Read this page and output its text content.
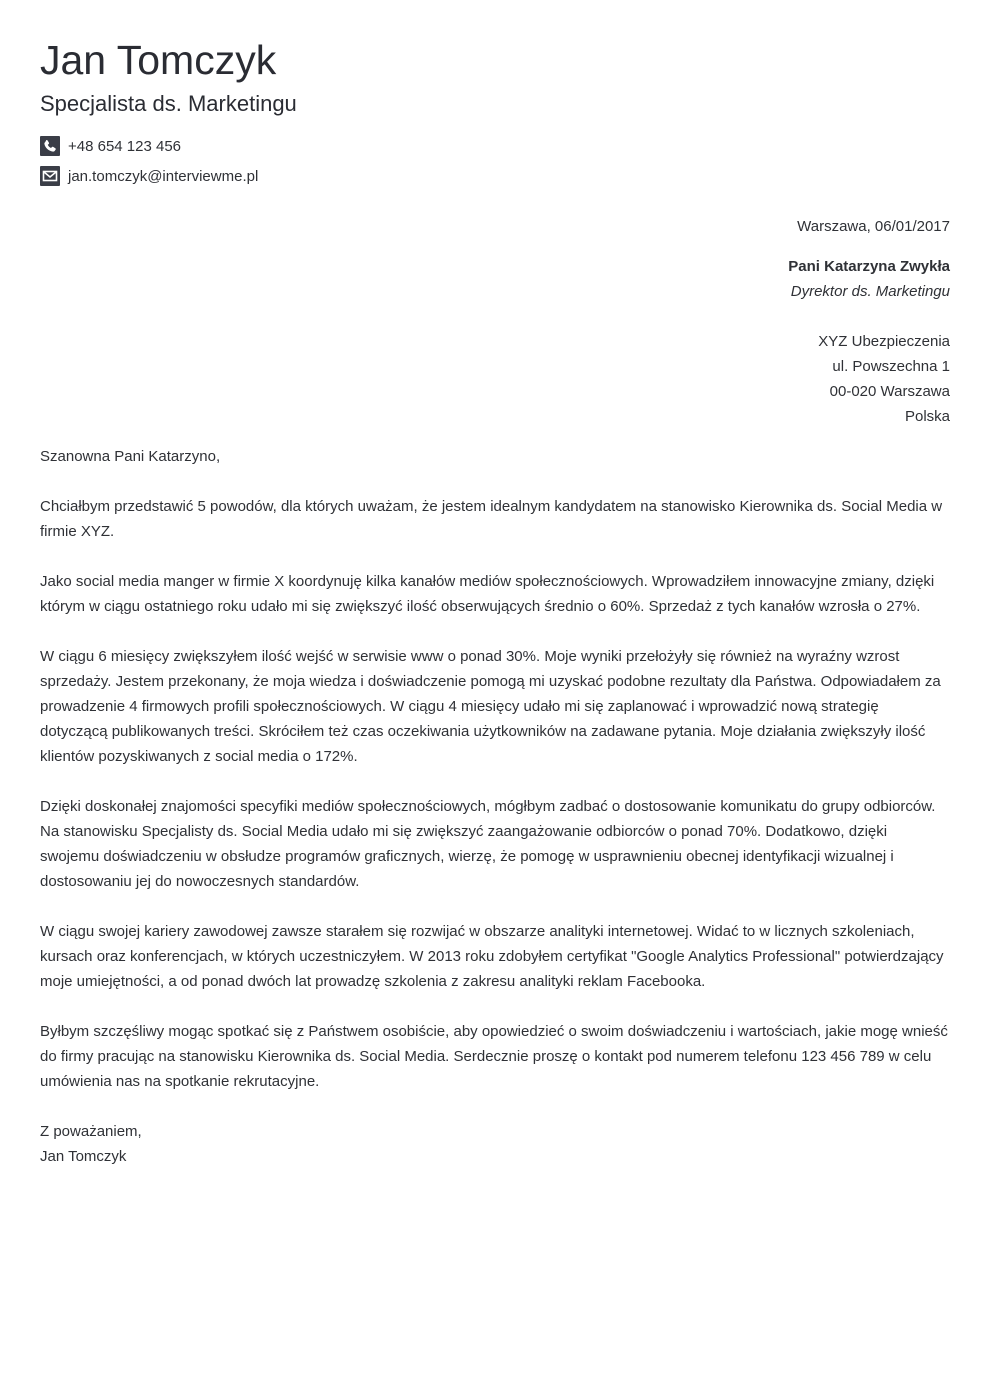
Jan Tomczyk
Specjalista ds. Marketingu
+48 654 123 456
jan.tomczyk@interviewme.pl
Warszawa, 06/01/2017
Pani Katarzyna Zwykła
Dyrektor ds. Marketingu
XYZ Ubezpieczenia
ul. Powszechna 1
00-020 Warszawa
Polska

Szanowna Pani Katarzyno,

Chciałbym przedstawić 5 powodów, dla których uważam, że jestem idealnym kandydatem na stanowisko Kierownika ds. Social Media w firmie XYZ.

Jako social media manger w firmie X koordynuję kilka kanałów mediów społecznościowych. Wprowadziłem innowacyjne zmiany, dzięki którym w ciągu ostatniego roku udało mi się zwiększyć ilość obserwujących średnio o 60%. Sprzedaż z tych kanałów wzrosła o 27%.

W ciągu 6 miesięcy zwiększyłem ilość wejść w serwisie www o ponad 30%. Moje wyniki przełożyły się również na wyraźny wzrost sprzedaży. Jestem przekonany, że moja wiedza i doświadczenie pomogą mi uzyskać podobne rezultaty dla Państwa. Odpowiadałem za prowadzenie 4 firmowych profili społecznościowych. W ciągu 4 miesięcy udało mi się zaplanować i wprowadzić nową strategię dotyczącą publikowanych treści. Skróciłem też czas oczekiwania użytkowników na zadawane pytania. Moje działania zwiększyły ilość klientów pozyskiwanych z social media o 172%.

Dzięki doskonałej znajomości specyfiki mediów społecznościowych, mógłbym zadbać o dostosowanie komunikatu do grupy odbiorców. Na stanowisku Specjalisty ds. Social Media udało mi się zwiększyć zaangażowanie odbiorców o ponad 70%. Dodatkowo, dzięki swojemu doświadczeniu w obsłudze programów graficznych, wierzę, że pomogę w usprawnieniu obecnej identyfikacji wizualnej i dostosowaniu jej do nowoczesnych standardów.

W ciągu swojej kariery zawodowej zawsze starałem się rozwijać w obszarze analityki internetowej. Widać to w licznych szkoleniach, kursach oraz konferencjach, w których uczestniczyłem. W 2013 roku zdobyłem certyfikat "Google Analytics Professional" potwierdzający moje umiejętności, a od ponad dwóch lat prowadzę szkolenia z zakresu analityki reklam Facebooka.

Byłbym szczęśliwy mogąc spotkać się z Państwem osobiście, aby opowiedzieć o swoim doświadczeniu i wartościach, jakie mogę wnieść do firmy pracując na stanowisku Kierownika ds. Social Media. Serdecznie proszę o kontakt pod numerem telefonu 123 456 789 w celu umówienia nas na spotkanie rekrutacyjne.

Z poważaniem,
Jan Tomczyk
